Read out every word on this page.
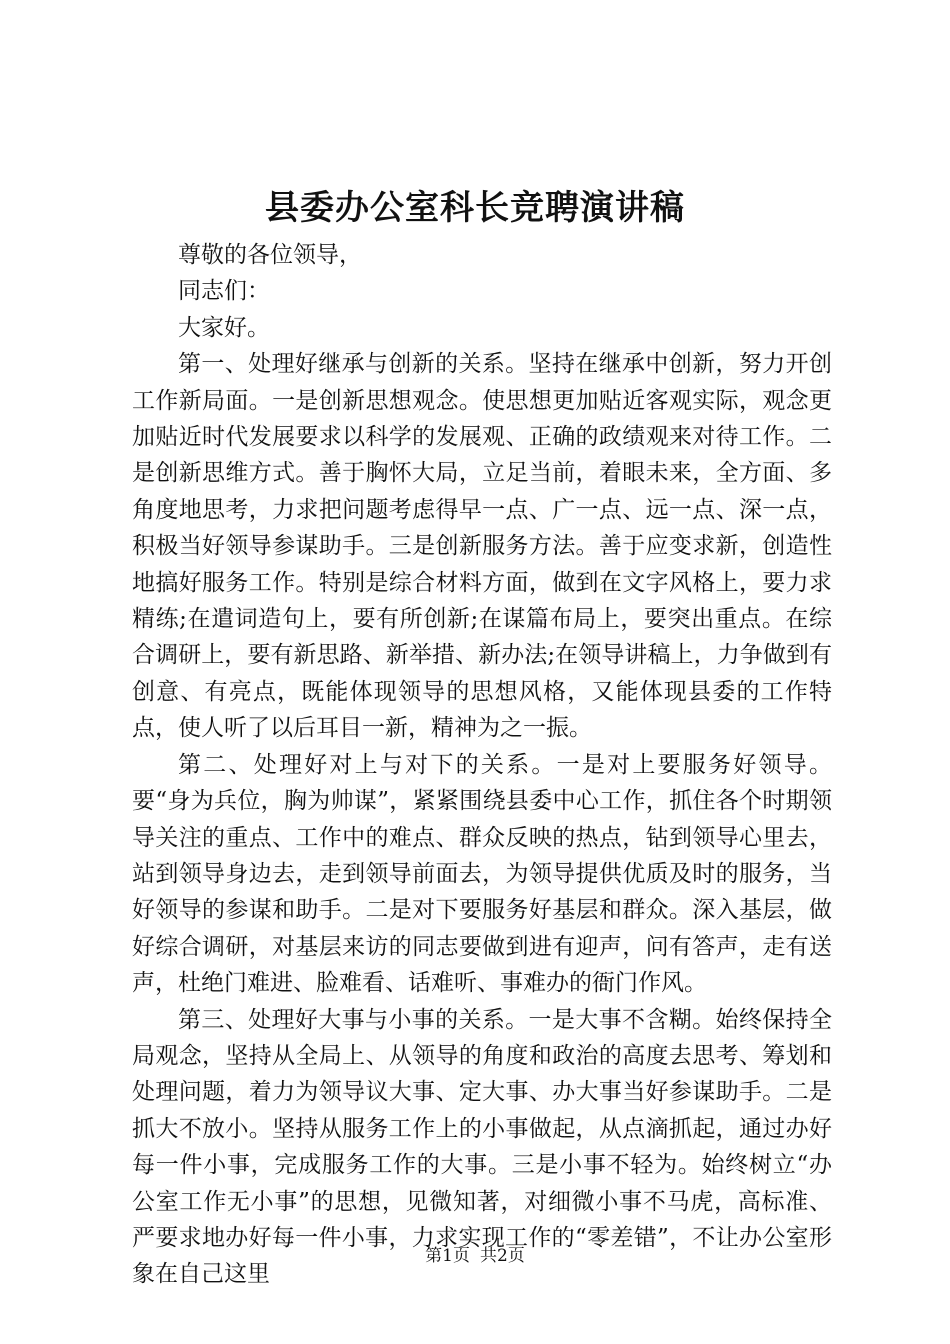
县委办公室科长竞聘演讲稿

尊敬的各位领导，

同志们：

大家好。

第一、处理好继承与创新的关系。坚持在继承中创新，努力开创工作新局面。一是创新思想观念。使思想更加贴近客观实际，观念更加贴近时代发展要求以科学的发展观、正确的政绩观来对待工作。二是创新思维方式。善于胸怀大局，立足当前，着眼未来，全方面、多角度地思考，力求把问题考虑得早一点、广一点、远一点、深一点，积极当好领导参谋助手。三是创新服务方法。善于应变求新，创造性地搞好服务工作。特别是综合材料方面，做到在文字风格上，要力求精练;在遣词造句上，要有所创新;在谋篇布局上，要突出重点。在综合调研上，要有新思路、新举措、新办法;在领导讲稿上，力争做到有创意、有亮点，既能体现领导的思想风格，又能体现县委的工作特点，使人听了以后耳目一新，精神为之一振。

第二、处理好对上与对下的关系。一是对上要服务好领导。要“身为兵位，胸为帅谋”，紧紧围绕县委中心工作，抓住各个时期领导关注的重点、工作中的难点、群众反映的热点，钻到领导心里去，站到领导身边去，走到领导前面去，为领导提供优质及时的服务，当好领导的参谋和助手。二是对下要服务好基层和群众。深入基层，做好综合调研，对基层来访的同志要做到进有迎声，问有答声，走有送声，杜绝门难进、脸难看、话难听、事难办的衙门作风。

第三、处理好大事与小事的关系。一是大事不含糊。始终保持全局观念，坚持从全局上、从领导的角度和政治的高度去思考、筹划和处理问题，着力为领导议大事、定大事、办大事当好参谋助手。二是抓大不放小。坚持从服务工作上的小事做起，从点滴抓起，通过办好每一件小事，完成服务工作的大事。三是小事不轻为。始终树立“办公室工作无小事”的思想，见微知著，对细微小事不马虎，高标准、严要求地办好每一件小事，力求实现工作的“零差错”，不让办公室形象在自己这里

第1页 共2页
